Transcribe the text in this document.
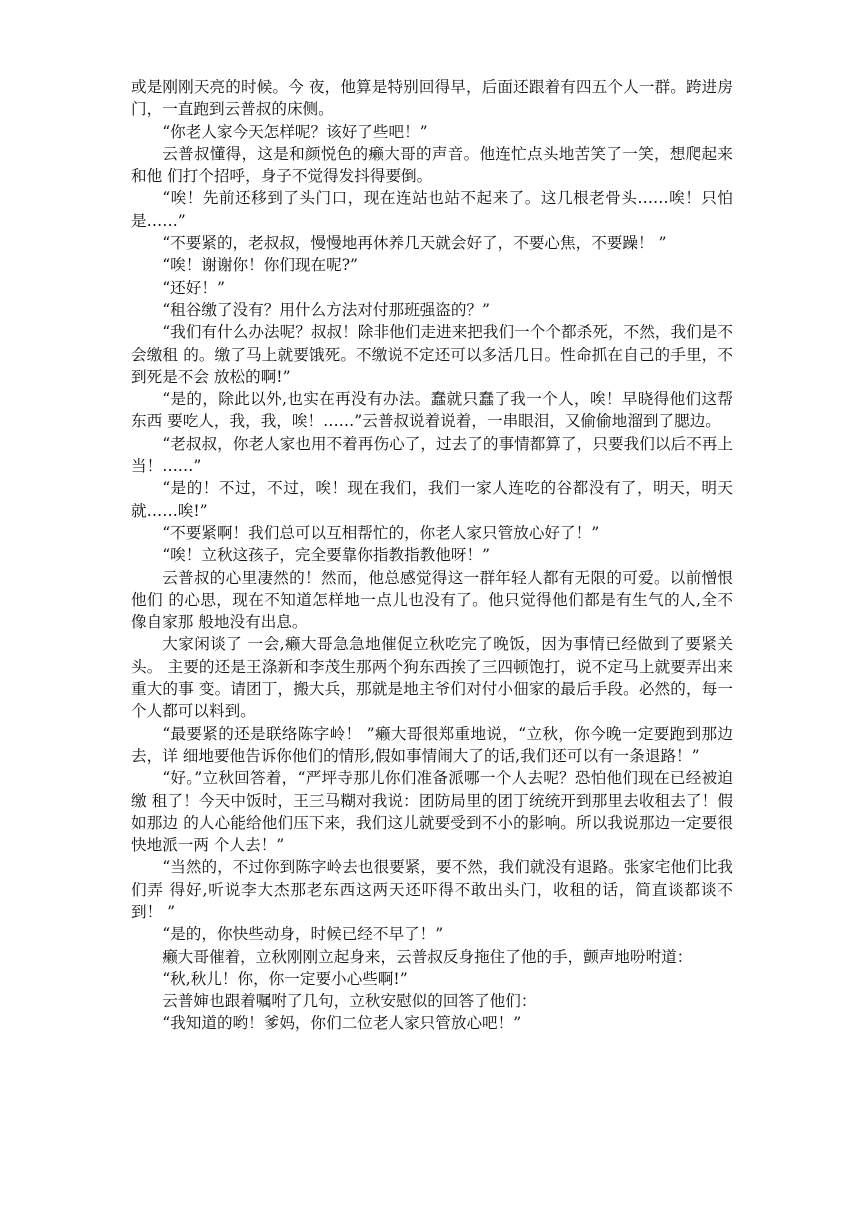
或是刚刚天亮的时候。今 夜，他算是特别回得早，后面还跟着有四五个人一群。跨进房门，一直跑到云普叔的床侧。

“你老人家今天怎样呢？该好了些吧！”

云普叔懂得，这是和颜悦色的癞大哥的声音。他连忙点头地苦笑了一笑，想爬起来和他 们打个招呼，身子不觉得发抖得要倒。

“唉！先前还移到了头门口，现在连站也站不起来了。这几根老骨头……唉！只怕是……”

“不要紧的，老叔叔，慢慢地再休养几天就会好了，不要心焦，不要躁！ ”

“唉！谢谢你！你们现在呢?”

“还好！”

“租谷缴了没有？用什么方法对付那班强盗的？”

“我们有什么办法呢？叔叔！除非他们走进来把我们一个个都杀死，不然，我们是不会缴租 的。缴了马上就要饿死。不缴说不定还可以多活几日。性命抓在自己的手里，不到死是不会 放松的啊!”

“是的，除此以外,也实在再没有办法。蠢就只蠢了我一个人，唉！早晓得他们这帮东西 要吃人，我，我，唉！……”云普叔说着说着，一串眼泪，又偷偷地溜到了腮边。

“老叔叔，你老人家也用不着再伤心了，过去了的事情都算了，只要我们以后不再上当！……”

“是的！不过，不过，唉！现在我们，我们一家人连吃的谷都没有了，明天，明天就……唉!”

“不要紧啊！我们总可以互相帮忙的，你老人家只管放心好了！”

“唉！立秋这孩子，完全要靠你指教指教他呀！”

云普叔的心里凄然的！然而，他总感觉得这一群年轻人都有无限的可爱。以前憎恨他们 的心思，现在不知道怎样地一点儿也没有了。他只觉得他们都是有生气的人,全不像自家那 般地没有出息。

大家闲谈了 一会,癞大哥急急地催促立秋吃完了晚饭，因为事情已经做到了要紧关头。 主要的还是王涤新和李茂生那两个狗东西挨了三四顿饱打，说不定马上就要弄出来重大的事 变。请团丁，搬大兵，那就是地主爷们对付小佃家的最后手段。必然的，每一个人都可以料到。

“最要紧的还是联络陈字岭！ ”癞大哥很郑重地说，“立秋，你今晚一定要跑到那边去，详 细地要他告诉你他们的情形,假如事情闹大了的话,我们还可以有一条退路！”

“好。”立秋回答着，“严坪寺那儿你们准备派哪一个人去呢？恐怕他们现在已经被迫缴 租了！今天中饭时，王三马糊对我说：团防局里的团丁统统开到那里去收租去了！假如那边 的人心能给他们压下来，我们这儿就要受到不小的影响。所以我说那边一定要很快地派一两 个人去！”

“当然的，不过你到陈字岭去也很要紧，要不然，我们就没有退路。张家宅他们比我们弄 得好,听说李大杰那老东西这两天还吓得不敢出头门，收租的话，简直谈都谈不到！ ”

“是的，你快些动身，时候已经不早了！”

癞大哥催着，立秋刚刚立起身来，云普叔反身拖住了他的手，颤声地吩咐道：

“秋,秋儿！你，你一定要小心些啊!”

云普婶也跟着嘱咐了几句，立秋安慰似的回答了他们：

“我知道的哟！爹妈，你们二位老人家只管放心吧！”
